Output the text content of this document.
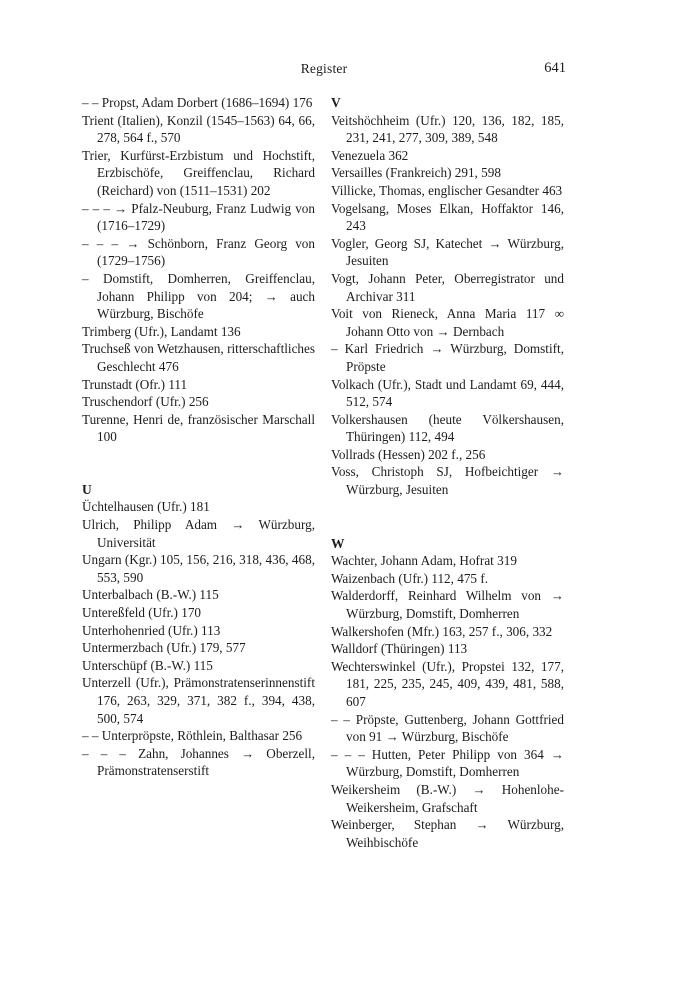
Register	641

– – Propst, Adam Dorbert (1686–1694) 176

Trient (Italien), Konzil (1545–1563) 64, 66, 278, 564 f., 570

Trier, Kurfürst-Erzbistum und Hochstift, Erzbischöfe, Greiffenclau, Richard (Reichard) von (1511–1531) 202

– – – → Pfalz-Neuburg, Franz Ludwig von (1716–1729)

– – – → Schönborn, Franz Georg von (1729–1756)

– Domstift, Domherren, Greiffenclau, Johann Philipp von 204; → auch Würzburg, Bischöfe

Trimberg (Ufr.), Landamt 136

Truchseß von Wetzhausen, ritterschaftliches Geschlecht 476

Trunstadt (Ofr.) 111

Truschendorf (Ufr.) 256

Turenne, Henri de, französischer Marschall 100

U

Üchtelhausen (Ufr.) 181

Ulrich, Philipp Adam → Würzburg, Universität

Ungarn (Kgr.) 105, 156, 216, 318, 436, 468, 553, 590

Unterbalbach (B.-W.) 115

Untereßfeld (Ufr.) 170

Unterhohenried (Ufr.) 113

Untermerzbach (Ufr.) 179, 577

Unterschüpf (B.-W.) 115

Unterzell (Ufr.), Prämonstratenserinnenstift 176, 263, 329, 371, 382 f., 394, 438, 500, 574

– – Unterpröpste, Röthlein, Balthasar 256

– – – Zahn, Johannes → Oberzell, Prämonstratenserstift

V

Veitshöchheim (Ufr.) 120, 136, 182, 185, 231, 241, 277, 309, 389, 548

Venezuela 362

Versailles (Frankreich) 291, 598

Villicke, Thomas, englischer Gesandter 463

Vogelsang, Moses Elkan, Hoffaktor 146, 243

Vogler, Georg SJ, Katechet → Würzburg, Jesuiten

Vogt, Johann Peter, Oberregistrator und Archivar 311

Voit von Rieneck, Anna Maria 117 ∞ Johann Otto von → Dernbach

– Karl Friedrich → Würzburg, Domstift, Pröpste

Volkach (Ufr.), Stadt und Landamt 69, 444, 512, 574

Volkershausen (heute Völkershausen, Thüringen) 112, 494

Vollrads (Hessen) 202 f., 256

Voss, Christoph SJ, Hofbeichtiger → Würzburg, Jesuiten

W

Wachter, Johann Adam, Hofrat 319

Waizenbach (Ufr.) 112, 475 f.

Walderdorff, Reinhard Wilhelm von → Würzburg, Domstift, Domherren

Walkershofen (Mfr.) 163, 257 f., 306, 332

Walldorf (Thüringen) 113

Wechterswinkel (Ufr.), Propstei 132, 177, 181, 225, 235, 245, 409, 439, 481, 588, 607

– – Pröpste, Guttenberg, Johann Gottfried von 91 → Würzburg, Bischöfe

– – – Hutten, Peter Philipp von 364 → Würzburg, Domstift, Domherren

Weikersheim (B.-W.) → Hohenlohe-Weikersheim, Grafschaft

Weinberger, Stephan → Würzburg, Weihbischöfe
